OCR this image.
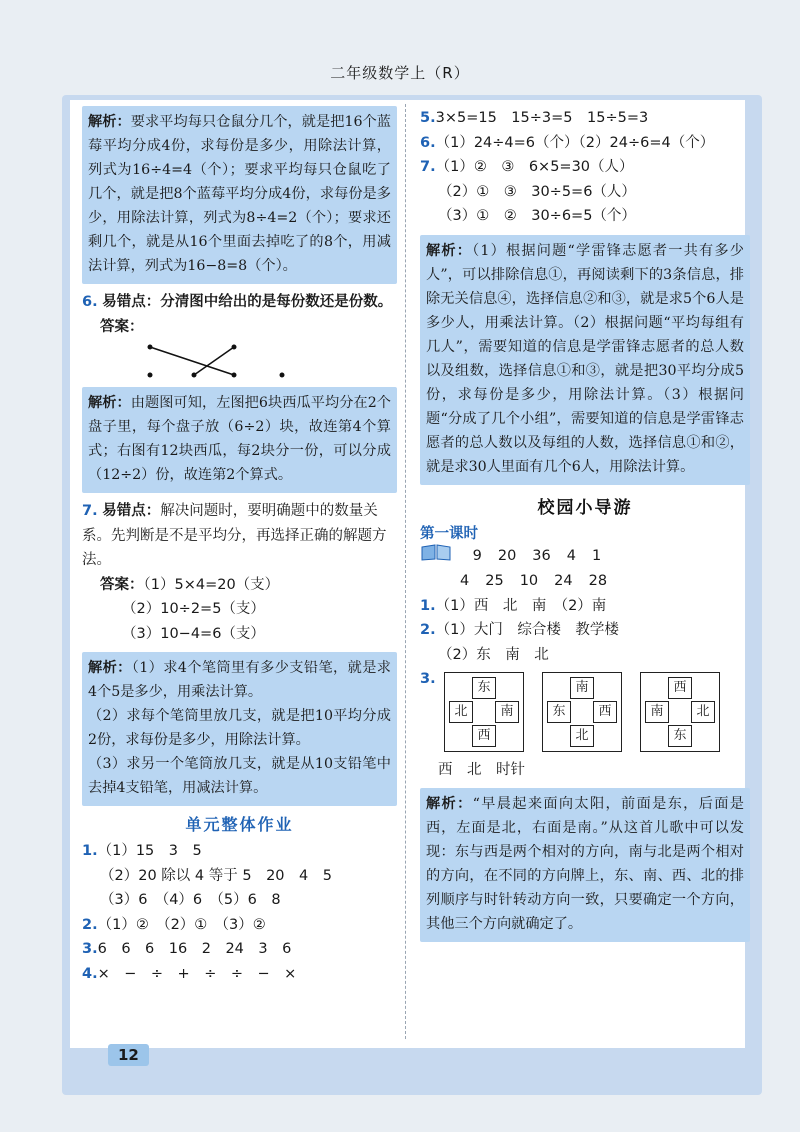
二年级数学上（R）
解析：要求平均每只仓鼠分几个，就是把16个蓝莓平均分成4份，求每份是多少，用除法计算，列式为16÷4=4（个）；要求平均每只仓鼠吃了几个，就是把8个蓝莓平均分成4份，求每份是多少，用除法计算，列式为8÷4=2（个）；要求还剩几个，就是从16个里面去掉吃了的8个，用减法计算，列式为16−8=8（个）。
6. 易错点：分清图中给出的是每份数还是份数。
答案：
解析：由题图可知，左图把6块西瓜平均分在2个盘子里，每个盘子放（6÷2）块，故连第4个算式；右图有12块西瓜，每2块分一份，可以分成（12÷2）份，故连第2个算式。
7. 易错点：解决问题时，要明确题中的数量关系。先判断是不是平均分，再选择正确的解题方法。
答案：（1）5×4=20（支）
（2）10÷2=5（支）
（3）10−4=6（支）
解析：（1）求4个笔筒里有多少支铅笔，就是求4个5是多少，用乘法计算。
（2）求每个笔筒里放几支，就是把10平均分成2份，求每份是多少，用除法计算。
（3）求另一个笔筒放几支，就是从10支铅笔中去掉4支铅笔，用减法计算。
单元整体作业
1.（1）15　3　5
（2）20 除以 4 等于 5　20　4　5
（3）6　（4）6　（5）6　8
2.（1）②　（2）①　（3）②
3.6　6　6　16　2　24　3　6
4.×　−　÷　+　÷　÷　−　×
5.3×5=15　15÷3=5　15÷5=3
6.（1）24÷4=6（个）（2）24÷6=4（个）
7.（1）②　③　6×5=30（人）
（2）①　③　30÷5=6（人）
（3）①　②　30÷6=5（个）
解析：（1）根据问题“学雷锋志愿者一共有多少人”，可以排除信息①，再阅读剩下的3条信息，排除无关信息④，选择信息②和③，就是求5个6人是多少人，用乘法计算。（2）根据问题“平均每组有几人”，需要知道的信息是学雷锋志愿者的总人数以及组数，选择信息①和③，就是把30平均分成5份，求每份是多少，用除法计算。（3）根据问题“分成了几个小组”，需要知道的信息是学雷锋志愿者的总人数以及每组的人数，选择信息①和②，就是求30人里面有几个6人，用除法计算。
校园小导游
第一课时
9 20 36 4 1
4 25 10 24 28
1.（1）西　北　南　（2）南
2.（1）大门　综合楼　教学楼
（2）东　南　北
3.	东
北	南
西
南
东	西
北
西
南	北
东
西　北　时针
解析：“早晨起来面向太阳，前面是东，后面是西，左面是北，右面是南。”从这首儿歌中可以发现：东与西是两个相对的方向，南与北是两个相对的方向，在不同的方向牌上，东、南、西、北的排列顺序与时针转动方向一致，只要确定一个方向，其他三个方向就确定了。
12
